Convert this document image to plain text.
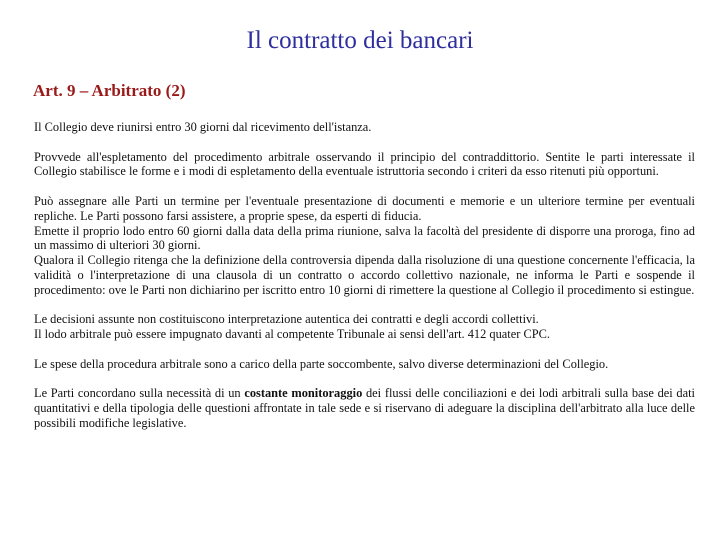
Il contratto dei bancari
Art. 9 – Arbitrato (2)

Il Collegio deve riunirsi entro 30 giorni dal ricevimento dell'istanza.

Provvede all'espletamento del procedimento arbitrale osservando il principio del contraddittorio. Sentite le parti interessate il Collegio stabilisce le forme e i modi di espletamento della eventuale istruttoria secondo i criteri da esso ritenuti più opportuni.

Può assegnare alle Parti un termine per l'eventuale presentazione di documenti e memorie e un ulteriore termine per eventuali repliche. Le Parti possono farsi assistere, a proprie spese, da esperti di fiducia.

Emette il proprio lodo entro 60 giorni dalla data della prima riunione, salva la facoltà del presidente di disporre una proroga, fino ad un massimo di ulteriori 30 giorni.

Qualora il Collegio ritenga che la definizione della controversia dipenda dalla risoluzione di una questione concernente l'efficacia, la validità o l'interpretazione di una clausola di un contratto o accordo collettivo nazionale, ne informa le Parti e sospende il procedimento: ove le Parti non dichiarino per iscritto entro 10 giorni di rimettere la questione al Collegio il procedimento si estingue.

Le decisioni assunte non costituiscono interpretazione autentica dei contratti e degli accordi collettivi.

Il lodo arbitrale può essere impugnato davanti al competente Tribunale ai sensi dell'art. 412 quater CPC.

Le spese della procedura arbitrale sono a carico della parte soccombente, salvo diverse determinazioni del Collegio.

Le Parti concordano sulla necessità di un costante monitoraggio dei flussi delle conciliazioni e dei lodi arbitrali sulla base dei dati quantitativi e della tipologia delle questioni affrontate in tale sede e si riservano di adeguare la disciplina dell'arbitrato alla luce delle possibili modifiche legislative.
